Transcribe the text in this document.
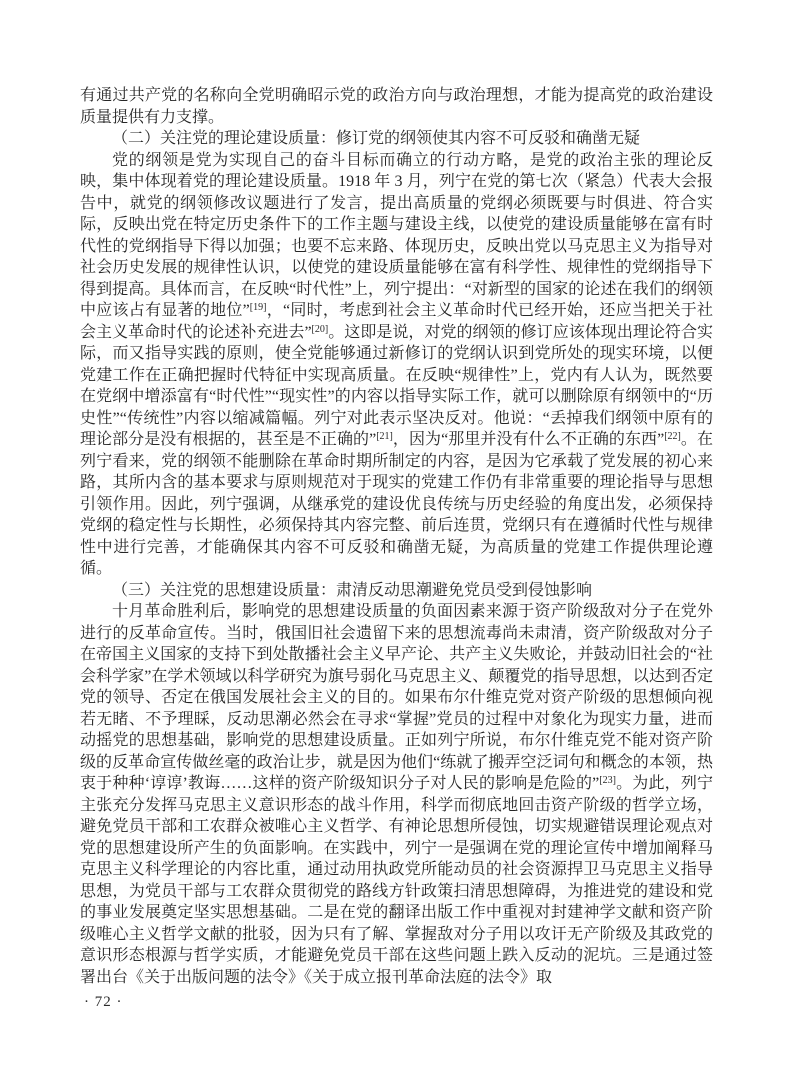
有通过共产党的名称向全党明确昭示党的政治方向与政治理想，才能为提高党的政治建设质量提供有力支撑。

（二）关注党的理论建设质量：修订党的纲领使其内容不可反驳和确凿无疑

党的纲领是党为实现自己的奋斗目标而确立的行动方略，是党的政治主张的理论反映，集中体现着党的理论建设质量。1918 年 3 月，列宁在党的第七次（紧急）代表大会报告中，就党的纲领修改议题进行了发言，提出高质量的党纲必须既要与时俱进、符合实际，反映出党在特定历史条件下的工作主题与建设主线，以使党的建设质量能够在富有时代性的党纲指导下得以加强；也要不忘来路、体现历史，反映出党以马克思主义为指导对社会历史发展的规律性认识，以使党的建设质量能够在富有科学性、规律性的党纲指导下得到提高。具体而言，在反映“时代性”上，列宁提出：“对新型的国家的论述在我们的纲领中应该占有显著的地位”[19]，“同时，考虑到社会主义革命时代已经开始，还应当把关于社会主义革命时代的论述补充进去”[20]。这即是说，对党的纲领的修订应该体现出理论符合实际，而又指导实践的原则，使全党能够通过新修订的党纲认识到党所处的现实环境，以便党建工作在正确把握时代特征中实现高质量。在反映“规律性”上，党内有人认为，既然要在党纲中增添富有“时代性”“现实性”的内容以指导实际工作，就可以删除原有纲领中的“历史性”“传统性”内容以缩减篇幅。列宁对此表示坚决反对。他说：“丢掉我们纲领中原有的理论部分是没有根据的，甚至是不正确的”[21]，因为“那里并没有什么不正确的东西”[22]。在列宁看来，党的纲领不能删除在革命时期所制定的内容，是因为它承载了党发展的初心来路，其所内含的基本要求与原则规范对于现实的党建工作仍有非常重要的理论指导与思想引领作用。因此，列宁强调，从继承党的建设优良传统与历史经验的角度出发，必须保持党纲的稳定性与长期性，必须保持其内容完整、前后连贯，党纲只有在遵循时代性与规律性中进行完善，才能确保其内容不可反驳和确凿无疑，为高质量的党建工作提供理论遵循。

（三）关注党的思想建设质量：肃清反动思潮避免党员受到侵蚀影响

十月革命胜利后，影响党的思想建设质量的负面因素来源于资产阶级敌对分子在党外进行的反革命宣传。当时，俄国旧社会遗留下来的思想流毒尚未肃清，资产阶级敌对分子在帝国主义国家的支持下到处散播社会主义早产论、共产主义失败论，并鼓动旧社会的“社会科学家”在学术领域以科学研究为旗号弱化马克思主义、颠覆党的指导思想，以达到否定党的领导、否定在俄国发展社会主义的目的。如果布尔什维克党对资产阶级的思想倾向视若无睹、不予理睬，反动思潮必然会在寻求“掌握”党员的过程中对象化为现实力量，进而动摇党的思想基础，影响党的思想建设质量。正如列宁所说，布尔什维克党不能对资产阶级的反革命宣传做丝毫的政治让步，就是因为他们“练就了搬弄空泛词句和概念的本领，热衷于种种‘谆谆’教诲……这样的资产阶级知识分子对人民的影响是危险的”[23]。为此，列宁主张充分发挥马克思主义意识形态的战斗作用，科学而彻底地回击资产阶级的哲学立场，避免党员干部和工农群众被唯心主义哲学、有神论思想所侵蚀，切实规避错误理论观点对党的思想建设所产生的负面影响。在实践中，列宁一是强调在党的理论宣传中增加阐释马克思主义科学理论的内容比重，通过动用执政党所能动员的社会资源捍卫马克思主义指导思想，为党员干部与工农群众贯彻党的路线方针政策扫清思想障碍，为推进党的建设和党的事业发展奠定坚实思想基础。二是在党的翻译出版工作中重视对封建神学文献和资产阶级唯心主义哲学文献的批驳，因为只有了解、掌握敌对分子用以攻讦无产阶级及其政党的意识形态根源与哲学实质，才能避免党员干部在这些问题上跌入反动的泥坑。三是通过签署出台《关于出版问题的法令》《关于成立报刊革命法庭的法令》取

· 72 ·
